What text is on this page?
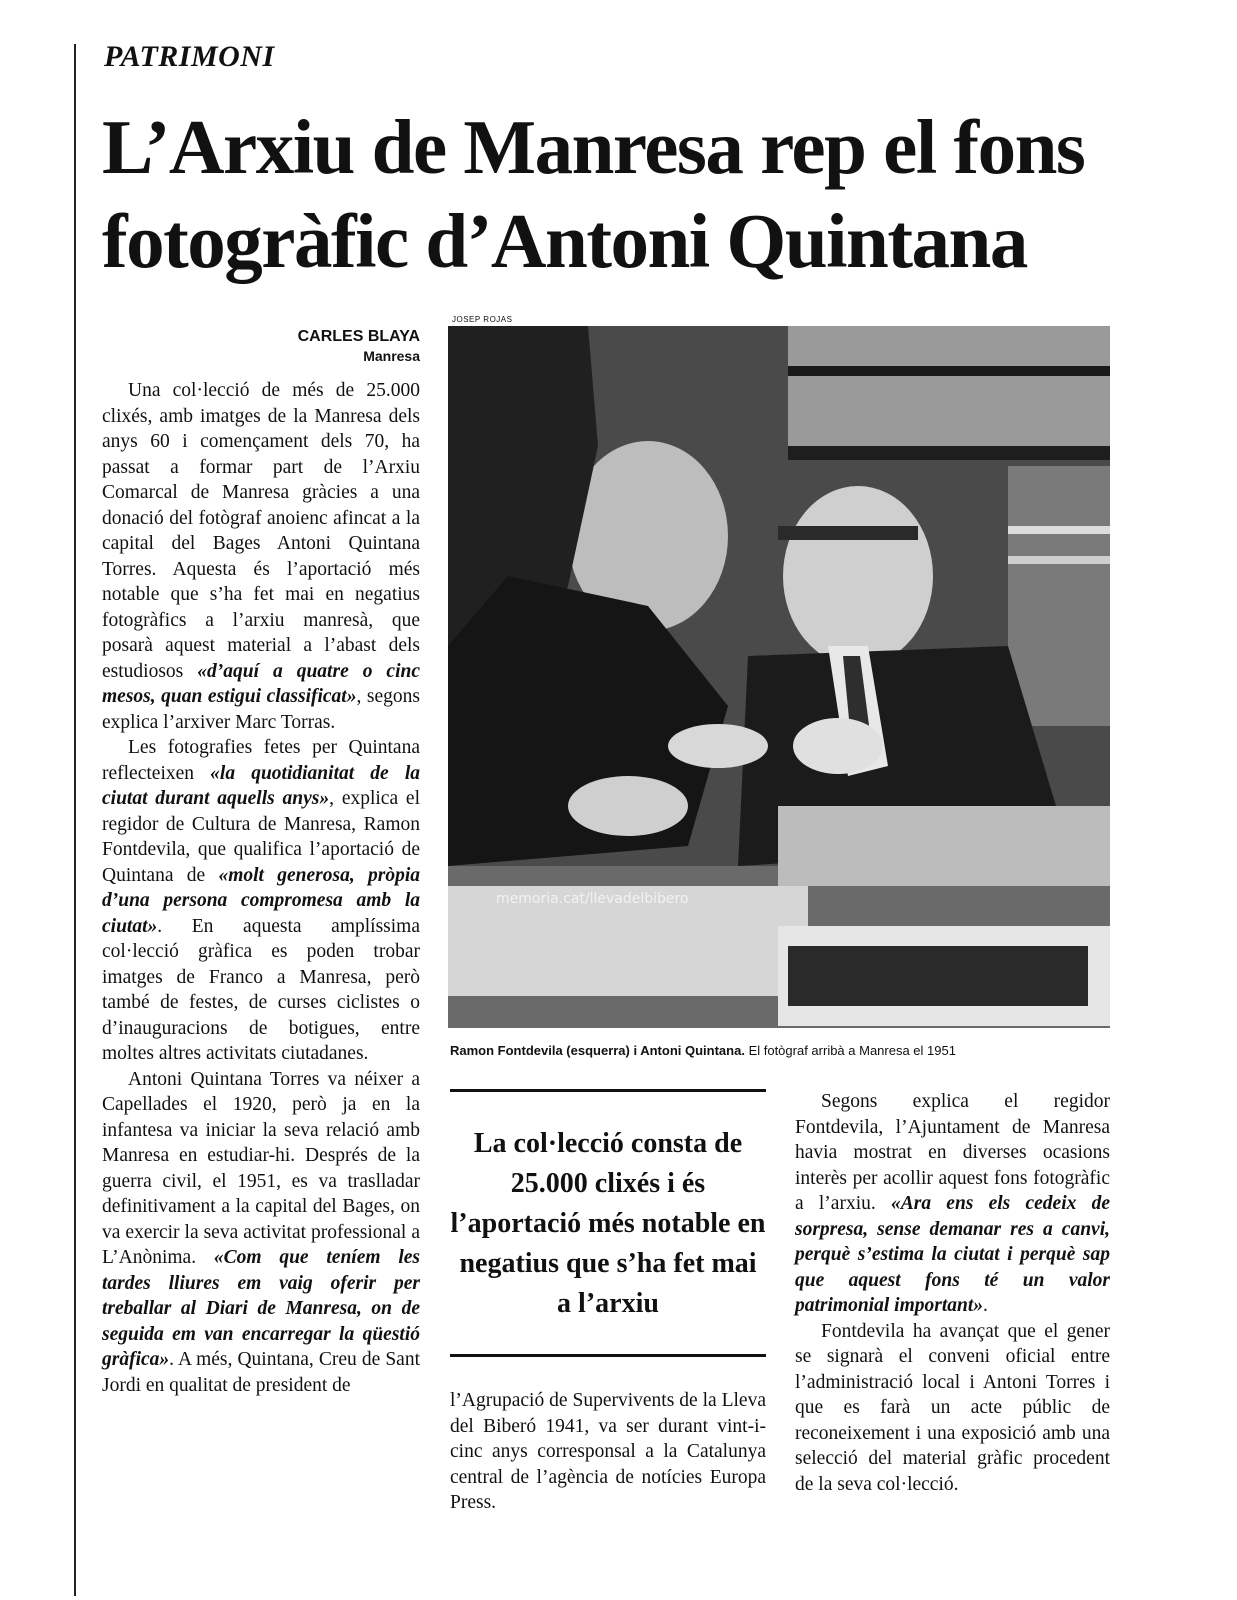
PATRIMONI
L’Arxiu de Manresa rep el fons fotogràfic d’Antoni Quintana
CARLES BLAYA
Manresa

Una col·lecció de més de 25.000 clixés, amb imatges de la Manresa dels anys 60 i començament dels 70, ha passat a formar part de l’Arxiu Comarcal de Manresa gràcies a una donació del fotògraf anoienc afincat a la capital del Bages Antoni Quintana Torres. Aquesta és l’aportació més notable que s’ha fet mai en negatius fotogràfics a l’arxiu manresà, que posarà aquest material a l’abast dels estudiosos «d’aquí a quatre o cinc mesos, quan estigui classificat», segons explica l’arxiver Marc Torras.

Les fotografies fetes per Quintana reflecteixen «la quotidianitat de la ciutat durant aquells anys», explica el regidor de Cultura de Manresa, Ramon Fontdevila, que qualifica l’aportació de Quintana de «molt generosa, pròpia d’una persona compromesa amb la ciutat». En aquesta amplíssima col·lecció gràfica es poden trobar imatges de Franco a Manresa, però també de festes, de curses ciclistes o d’inauguracions de botigues, entre moltes altres activitats ciutadanes.

Antoni Quintana Torres va néixer a Capellades el 1920, però ja en la infantesa va iniciar la seva relació amb Manresa en estudiar-hi. Després de la guerra civil, el 1951, es va traslladar definitivament a la capital del Bages, on va exercir la seva activitat professional a L’Anònima. «Com que teníem les tardes lliures em vaig oferir per treballar al Diari de Manresa, on de seguida em van encarregar la qüestió gràfica». A més, Quintana, Creu de Sant Jordi en qualitat de president de

JOSEP ROJAS
memoria.cat/llevadelbibero
Ramon Fontdevila (esquerra) i Antoni Quintana. El fotògraf arribà a Manresa el 1951
La col·lecció consta de 25.000 clixés i és l’aportació més notable en negatius que s’ha fet mai a l’arxiu

l’Agrupació de Supervivents de la Lleva del Biberó 1941, va ser durant vint-i-cinc anys corresponsal a la Catalunya central de l’agència de notícies Europa Press.

Segons explica el regidor Fontdevila, l’Ajuntament de Manresa havia mostrat en diverses ocasions interès per acollir aquest fons fotogràfic a l’arxiu. «Ara ens els cedeix de sorpresa, sense demanar res a canvi, perquè s’estima la ciutat i perquè sap que aquest fons té un valor patrimonial important».

Fontdevila ha avançat que el gener se signarà el conveni oficial entre l’administració local i Antoni Torres i que es farà un acte públic de reconeixement i una exposició amb una selecció del material gràfic procedent de la seva col·lecció.
